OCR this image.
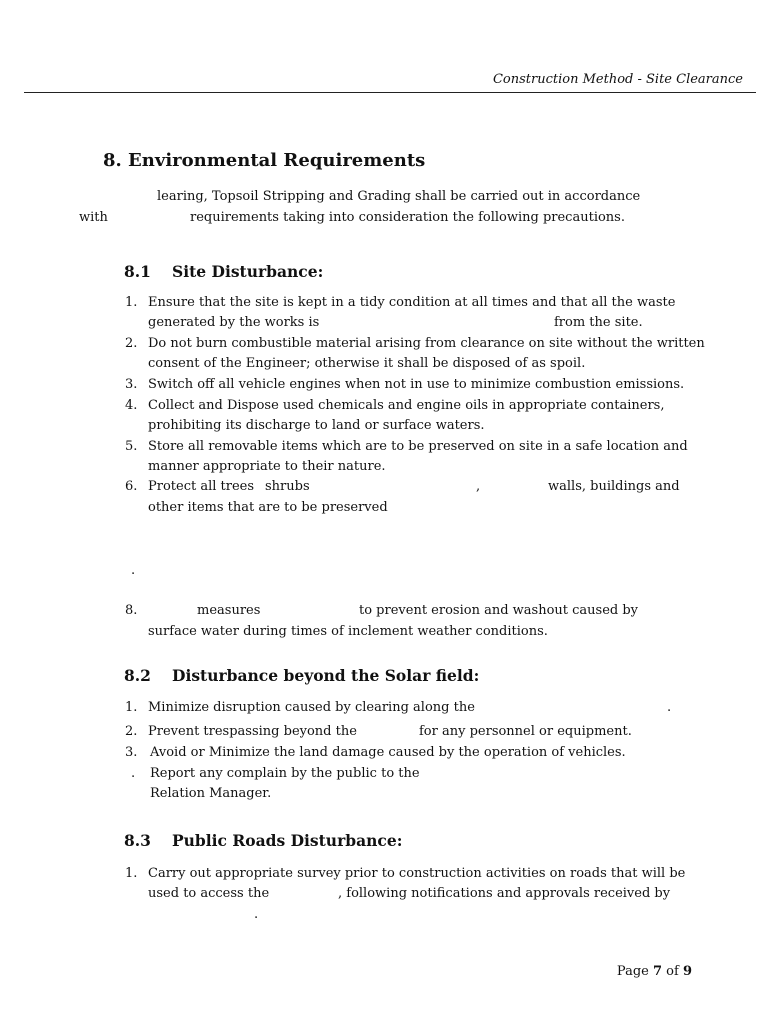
Construction Method - Site Clearance
8. Environmental Requirements
learing, Topsoil Stripping and Grading shall be carried out in accordance
with	requirements taking into consideration the following precautions.
8.1 Site Disturbance:
1. Ensure that the site is kept in a tidy condition at all times and that all the waste
generated by the works is	from the site.
2. Do not burn combustible material arising from clearance on site without the written
consent of the Engineer; otherwise it shall be disposed of as spoil.
3. Switch off all vehicle engines when not in use to minimize combustion emissions.
4. Collect and Dispose used chemicals and engine oils in appropriate containers,
prohibiting its discharge to land or surface waters.
5. Store all removable items which are to be preserved on site in a safe location and
manner appropriate to their nature.
6. Protect all trees shrubs	,	walls, buildings and
other items that are to be preserved
.
8.	measures	to prevent erosion and washout caused by
surface water during times of inclement weather conditions.
8.2 Disturbance beyond the Solar field:
1. Minimize disruption caused by clearing along the	.
2. Prevent trespassing beyond the	for any personnel or equipment.
3. Avoid or Minimize the land damage caused by the operation of vehicles.
. Report any complain by the public to the
Relation Manager.
8.3 Public Roads Disturbance:
1. Carry out appropriate survey prior to construction activities on roads that will be
used to access the	, following notifications and approvals received by
.
Page 7 of 9
